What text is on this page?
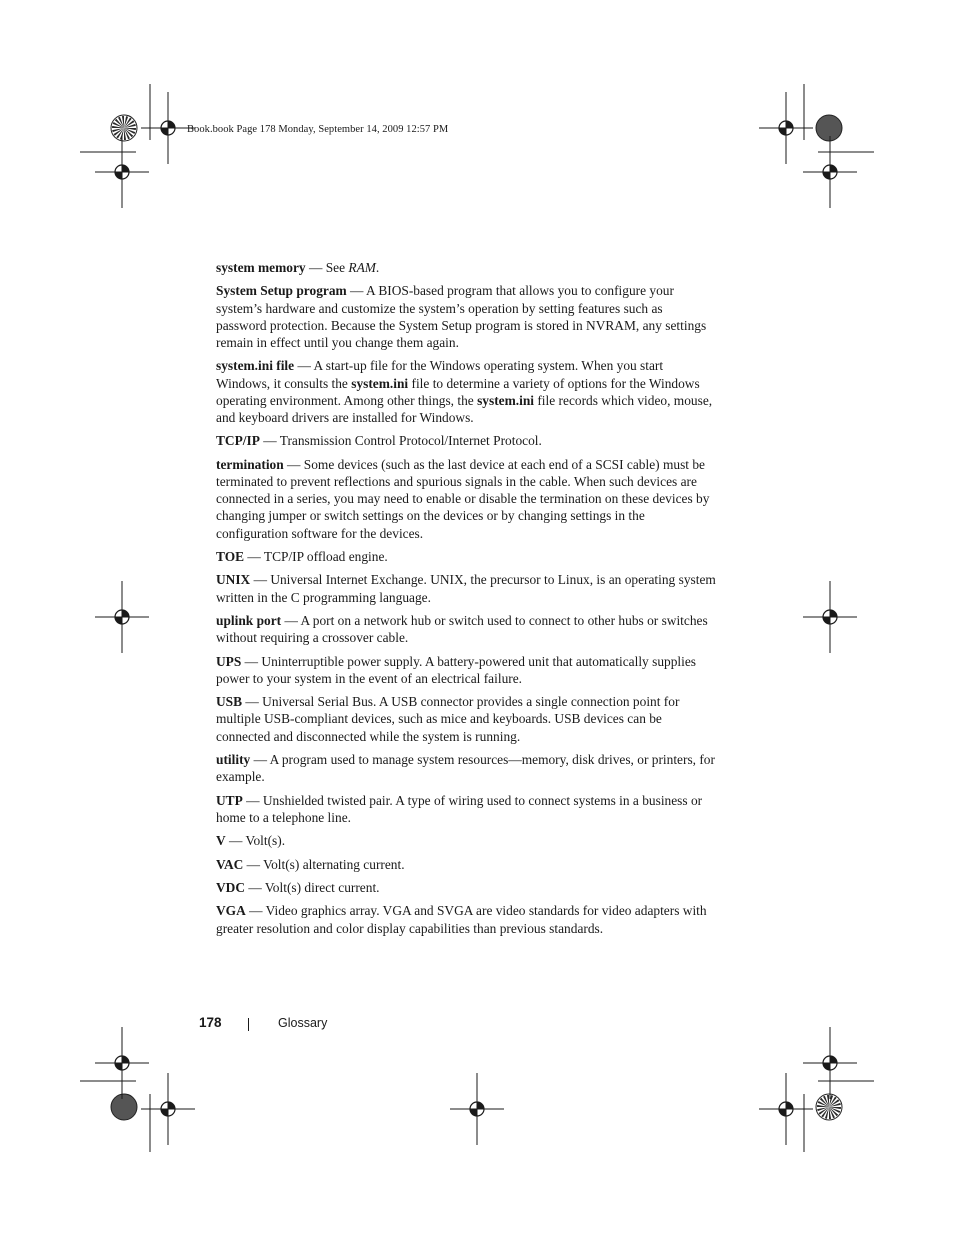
Book.book Page 178 Monday, September 14, 2009 12:57 PM

system memory — See RAM.

System Setup program — A BIOS-based program that allows you to configure your system’s hardware and customize the system’s operation by setting features such as password protection. Because the System Setup program is stored in NVRAM, any settings remain in effect until you change them again.

system.ini file — A start-up file for the Windows operating system. When you start Windows, it consults the system.ini file to determine a variety of options for the Windows operating environment. Among other things, the system.ini file records which video, mouse, and keyboard drivers are installed for Windows.

TCP/IP — Transmission Control Protocol/Internet Protocol.

termination — Some devices (such as the last device at each end of a SCSI cable) must be terminated to prevent reflections and spurious signals in the cable. When such devices are connected in a series, you may need to enable or disable the termination on these devices by changing jumper or switch settings on the devices or by changing settings in the configuration software for the devices.

TOE — TCP/IP offload engine.

UNIX — Universal Internet Exchange. UNIX, the precursor to Linux, is an operating system written in the C programming language.

uplink port — A port on a network hub or switch used to connect to other hubs or switches without requiring a crossover cable.

UPS — Uninterruptible power supply. A battery-powered unit that automatically supplies power to your system in the event of an electrical failure.

USB — Universal Serial Bus. A USB connector provides a single connection point for multiple USB-compliant devices, such as mice and keyboards. USB devices can be connected and disconnected while the system is running.

utility — A program used to manage system resources—memory, disk drives, or printers, for example.

UTP — Unshielded twisted pair. A type of wiring used to connect systems in a business or home to a telephone line.

V — Volt(s).

VAC — Volt(s) alternating current.

VDC — Volt(s) direct current.

VGA — Video graphics array. VGA and SVGA are video standards for video adapters with greater resolution and color display capabilities than previous standards.

178	Glossary
